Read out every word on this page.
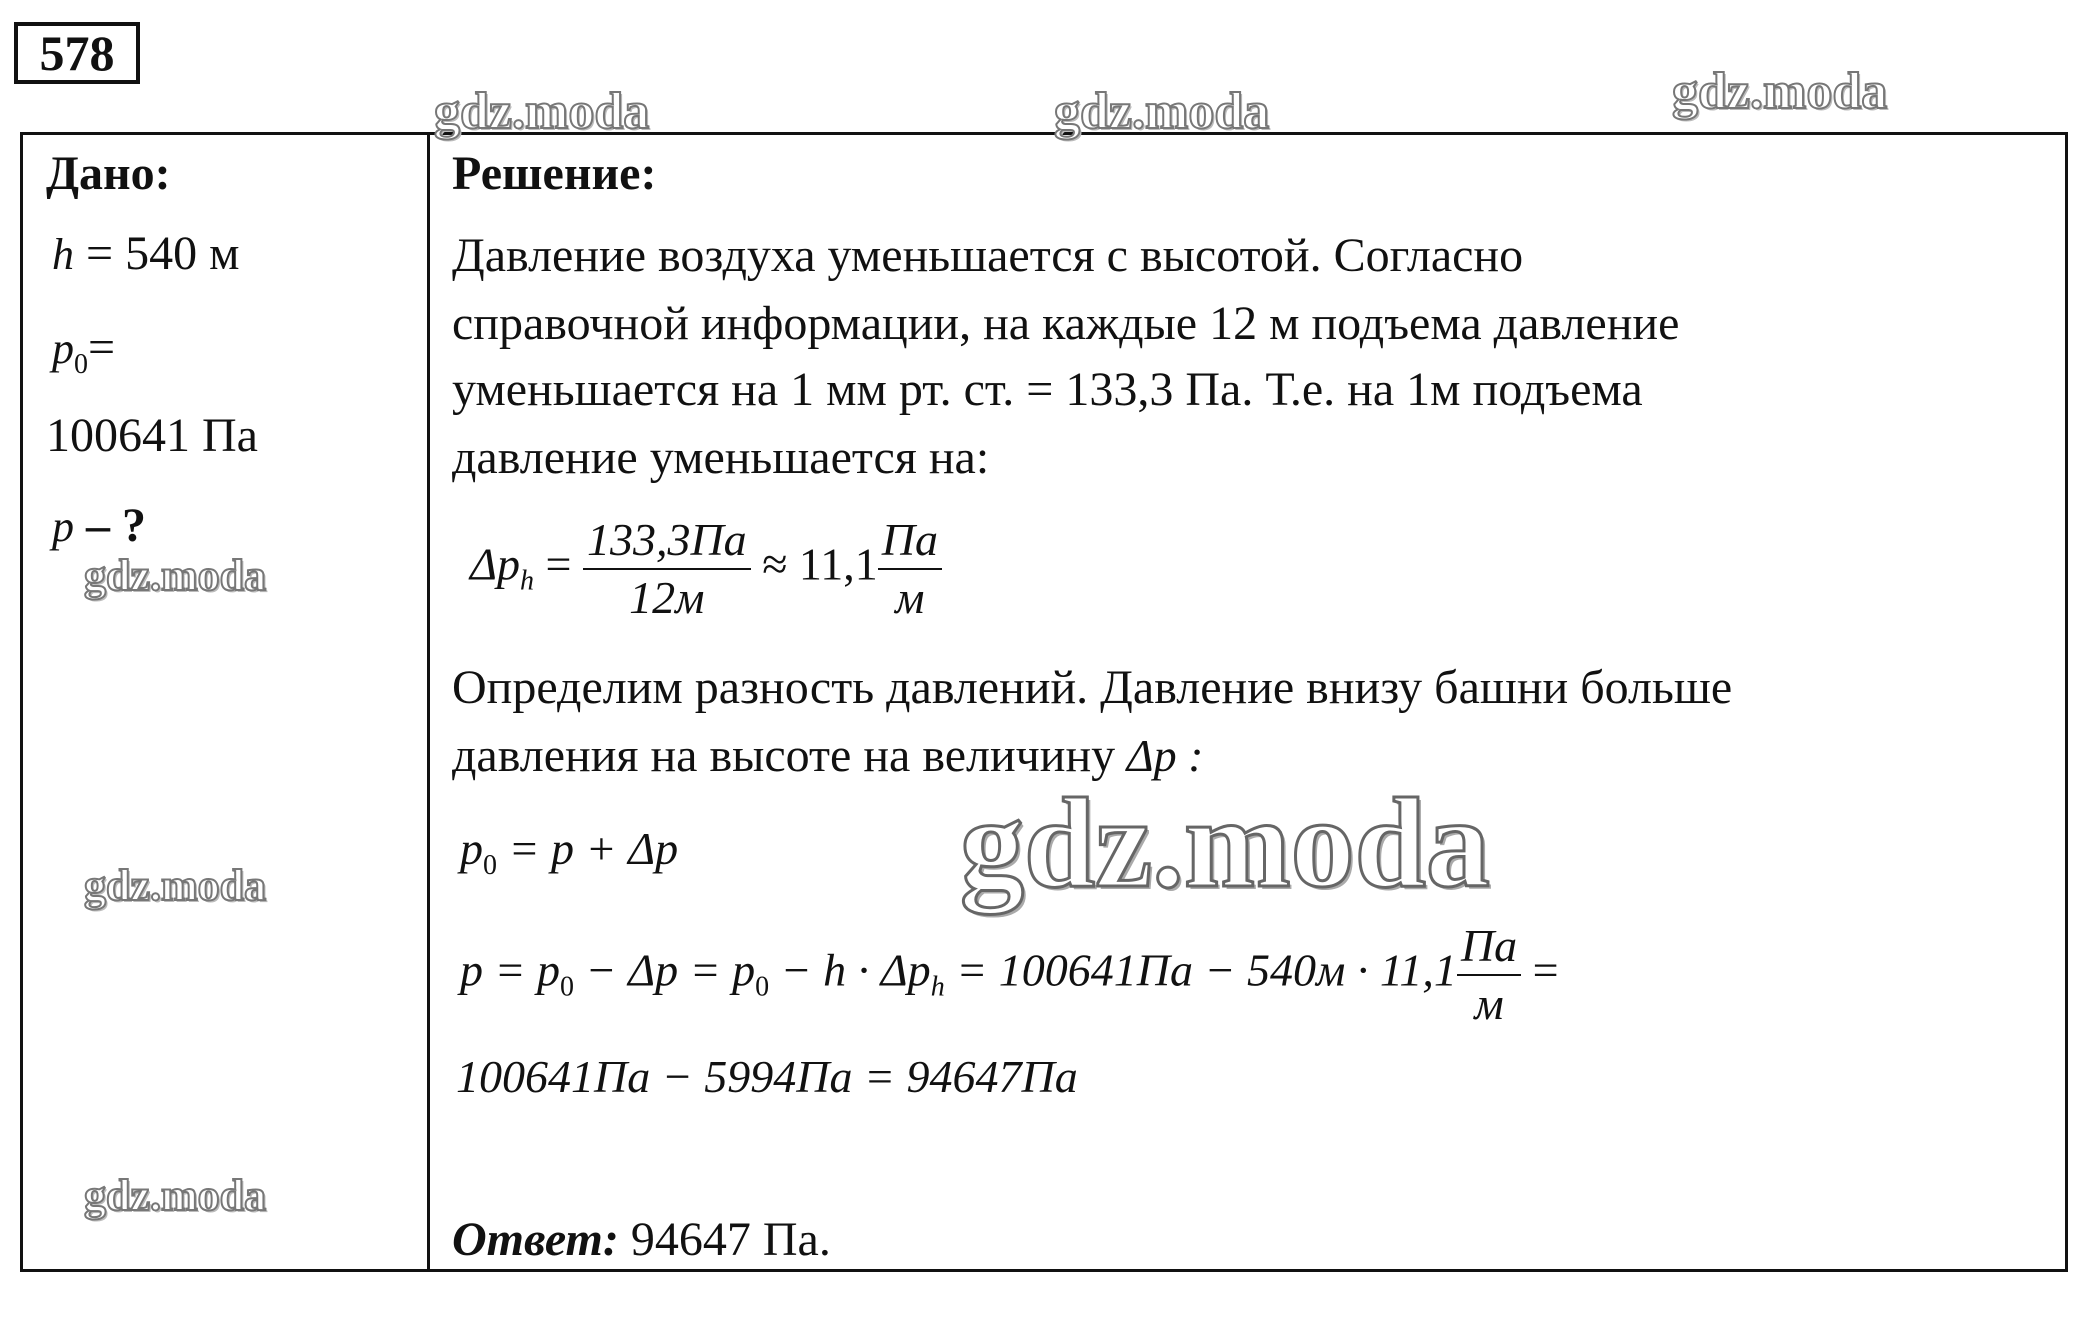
578
gdz.moda	gdz.moda	gdz.moda
gdz.moda
gdz.moda
gdz.moda
Дано:
h = 540 м
$p_0=$
100641 Па
p – ?
Решение:
Давление воздуха уменьшается с высотой. Согласно
справочной информации, на каждые 12 м подъема давление
уменьшается на 1 мм рт. ст. = 133,3 Па. Т.е. на 1м подъема
давление уменьшается на:
$\Delta p_h = \frac{133,3Па}{12м} \approx 11,1 \frac{Па}{м}$
Определим разность давлений. Давление внизу башни больше
давления на высоте на величину Δp :
gdz.moda
$p_0 = p + \Delta p$
$p = p_0 - \Delta p = p_0 - h \cdot \Delta p_h = 100641Па - 540м \cdot 11,1 \frac{Па}{м}$ =
100641Па − 5994Па = 94647Па
Ответ: 94647 Па.
